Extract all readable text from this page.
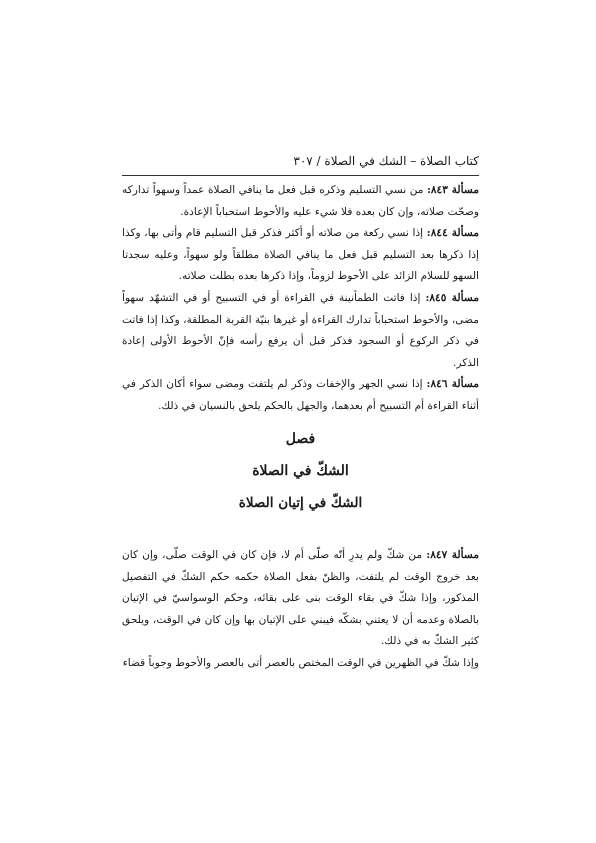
كتاب الصلاة – الشك في الصلاة / ٣٠٧

مسألة ٨٤٣: من نسي التسليم وذكره قبل فعل ما ينافي الصلاة عمداً وسهواً تداركه وصحّت صلاته، وإن كان بعده فلا شيء عليه والأحوط استحباباً الإعادة.

مسألة ٨٤٤: إذا نسي ركعة من صلاته أو أكثر فذكر قبل التسليم قام وأتى بها، وكذا إذا ذكرها بعد التسليم قبل فعل ما ينافي الصلاة مطلقاً ولو سهواً، وعليه سجدتا السهو للسلام الزائد على الأحوط لزوماً، وإذا ذكرها بعده بطلت صلاته.

مسألة ٨٤٥: إذا فاتت الطمأنينة في القراءة أو في التسبيح أو في التشهّد سهواً مضى، والأحوط استحباباً تدارك القراءة أو غيرها بنيّة القربة المطلقة، وكذا إذا فاتت في ذكر الركوع أو السجود فذكر قبل أن يرفع رأسه فإنّ الأحوط الأولى إعادة الذكر.

مسألة ٨٤٦: إذا نسي الجهر والإخفات وذكر لم يلتفت ومضى سواء أكان الذكر في أثناء القراءة أم التسبيح أم بعدهما، والجهل بالحكم يلحق بالنسيان في ذلك.

فصل
الشكّ في الصلاة
الشكّ في إتيان الصلاة

مسألة ٨٤٧: من شكّ ولم يدرِ أنّه صلّى أم لا، فإن كان في الوقت صلّى، وإن كان بعد خروج الوقت لم يلتفت، والظنّ بفعل الصلاة حكمه حكم الشكّ في التفصيل المذكور، وإذا شكّ في بقاء الوقت بنى على بقائه، وحكم الوسواسيّ في الإتيان بالصلاة وعدمه أن لا يعتني بشكّه فيبني على الإتيان بها وإن كان في الوقت، ويلحق كثير الشكّ به في ذلك.

وإذا شكّ في الظهرين في الوقت المختص بالعصر أتى بالعصر والأحوط وجوباً قضاء
